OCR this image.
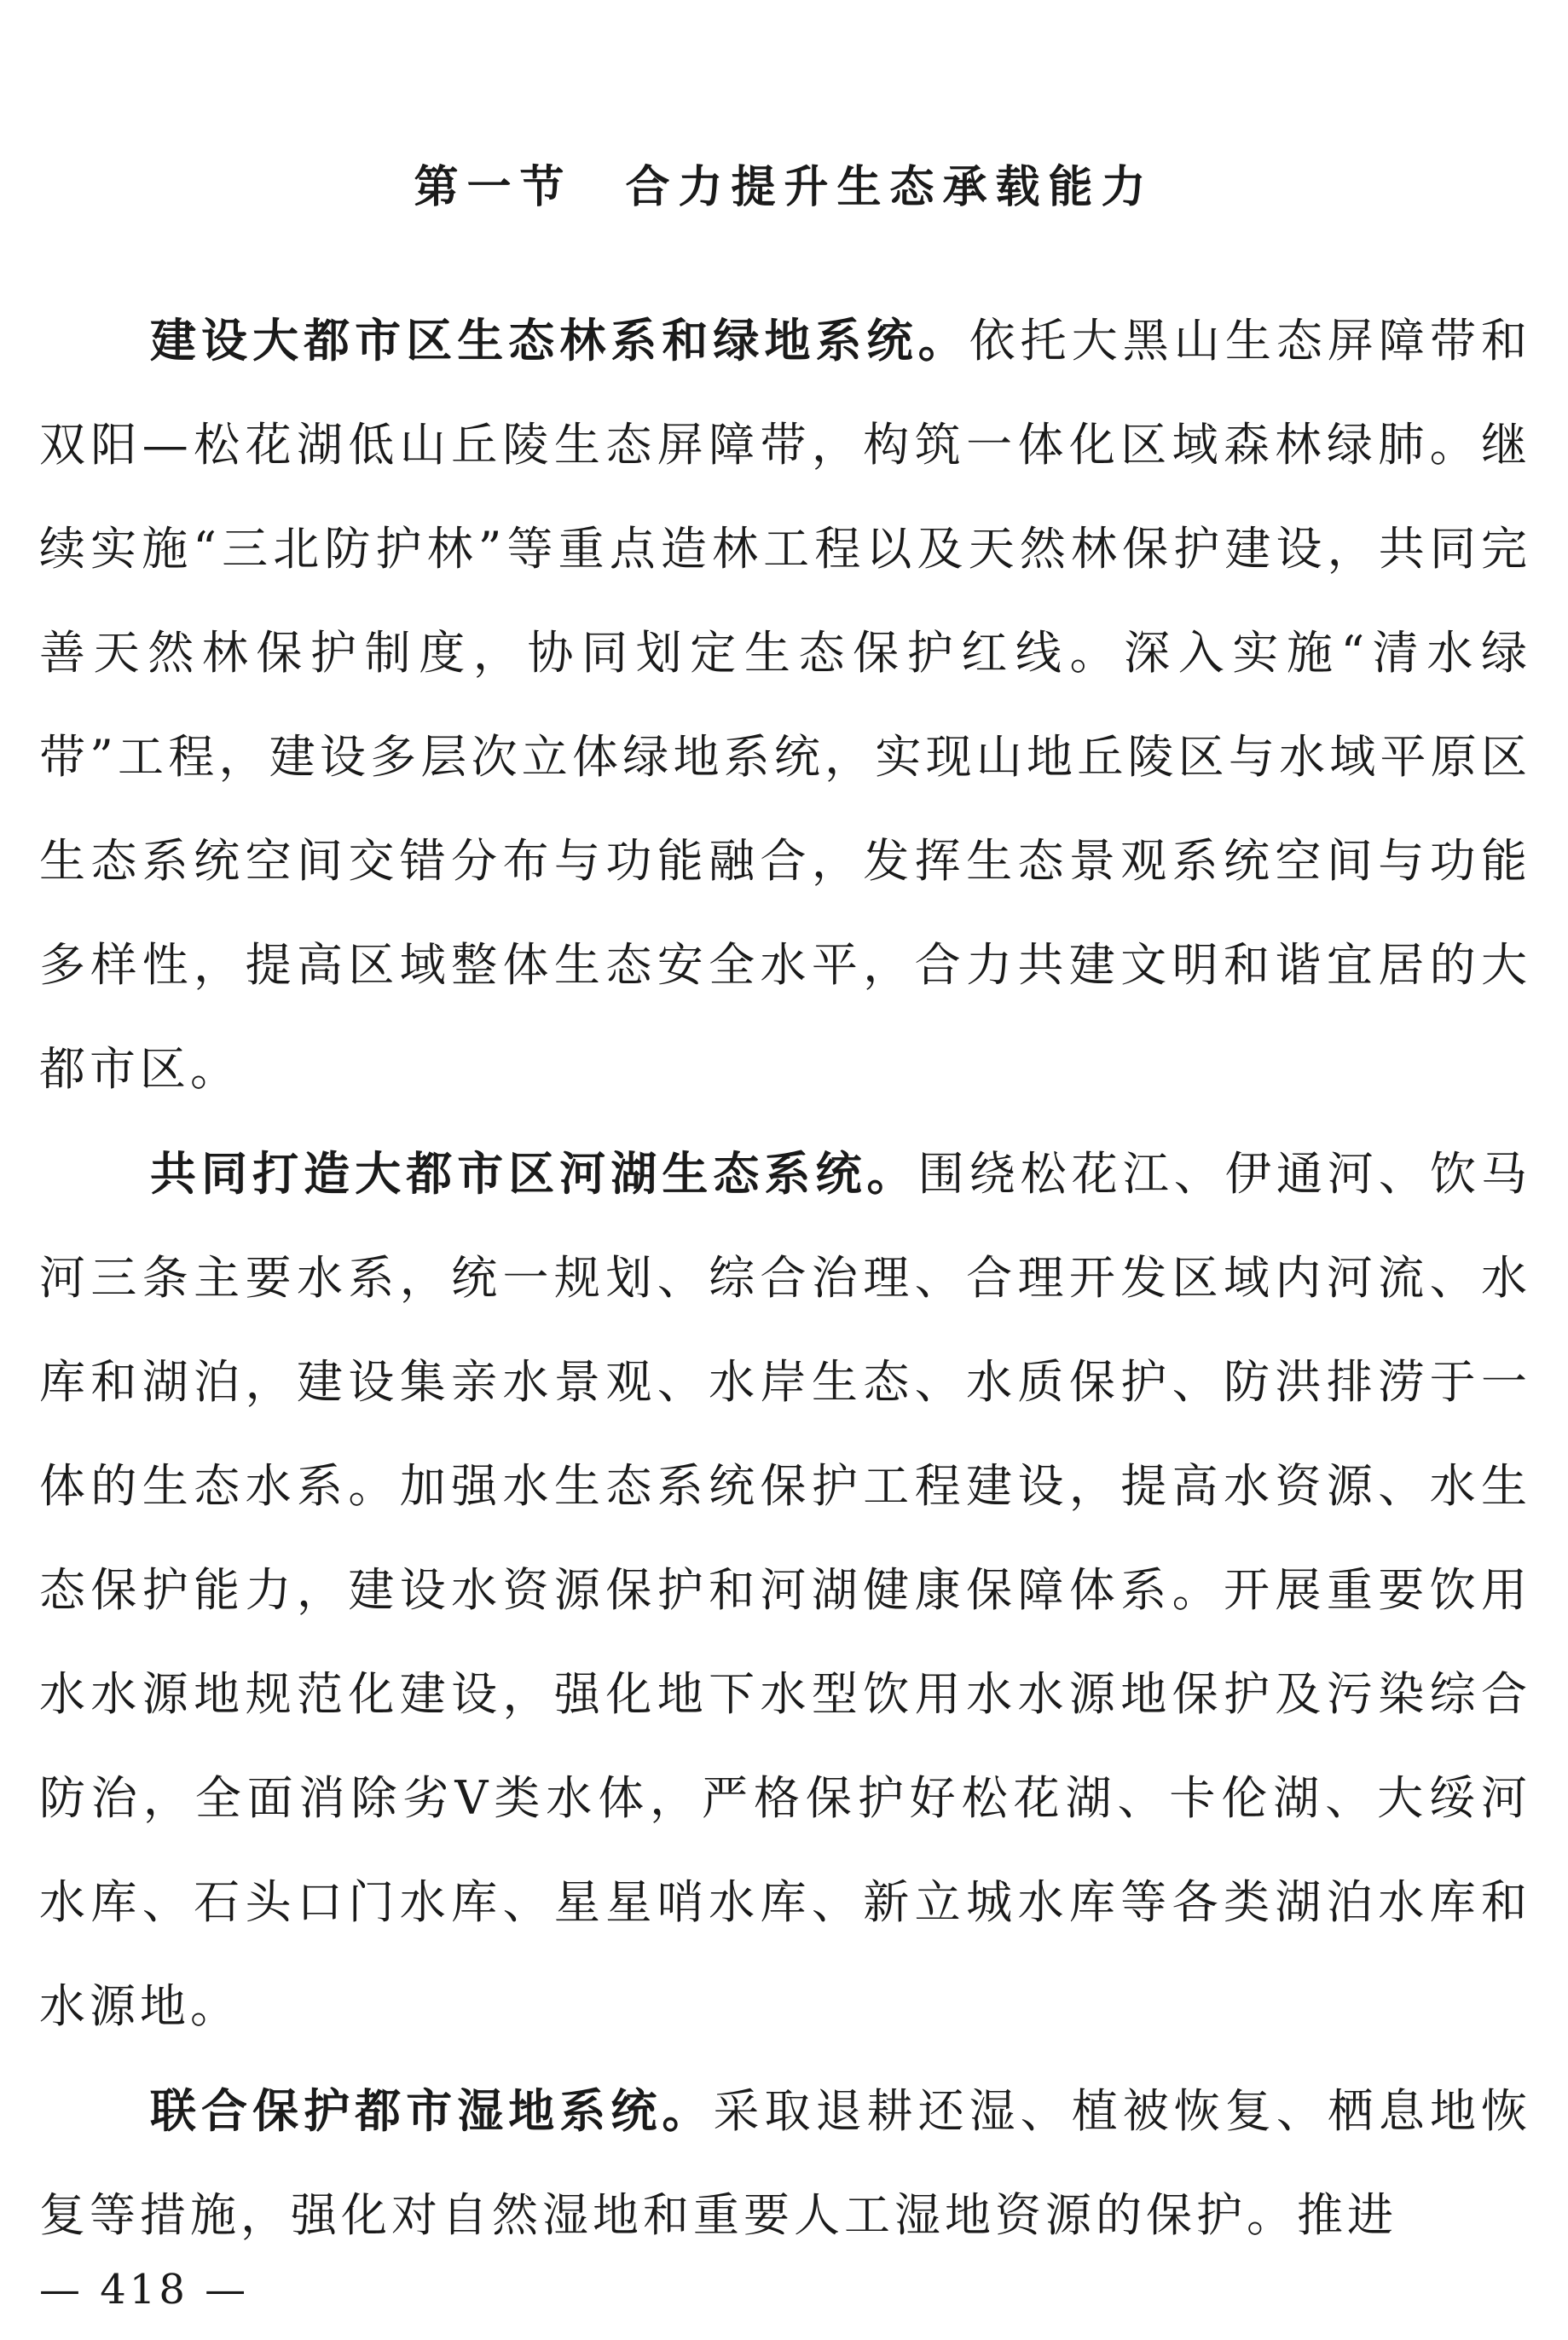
第一节　合力提升生态承载能力

建设大都市区生态林系和绿地系统。依托大黑山生态屏障带和双阳—松花湖低山丘陵生态屏障带，构筑一体化区域森林绿肺。继续实施“三北防护林”等重点造林工程以及天然林保护建设，共同完善天然林保护制度，协同划定生态保护红线。深入实施“清水绿带”工程，建设多层次立体绿地系统，实现山地丘陵区与水域平原区生态系统空间交错分布与功能融合，发挥生态景观系统空间与功能多样性，提高区域整体生态安全水平，合力共建文明和谐宜居的大都市区。

共同打造大都市区河湖生态系统。围绕松花江、伊通河、饮马河三条主要水系，统一规划、综合治理、合理开发区域内河流、水库和湖泊，建设集亲水景观、水岸生态、水质保护、防洪排涝于一体的生态水系。加强水生态系统保护工程建设，提高水资源、水生态保护能力，建设水资源保护和河湖健康保障体系。开展重要饮用水水源地规范化建设，强化地下水型饮用水水源地保护及污染综合防治，全面消除劣Ⅴ类水体，严格保护好松花湖、卡伦湖、大绥河水库、石头口门水库、星星哨水库、新立城水库等各类湖泊水库和水源地。

联合保护都市湿地系统。采取退耕还湿、植被恢复、栖息地恢复等措施，强化对自然湿地和重要人工湿地资源的保护。推进

— 418 —
